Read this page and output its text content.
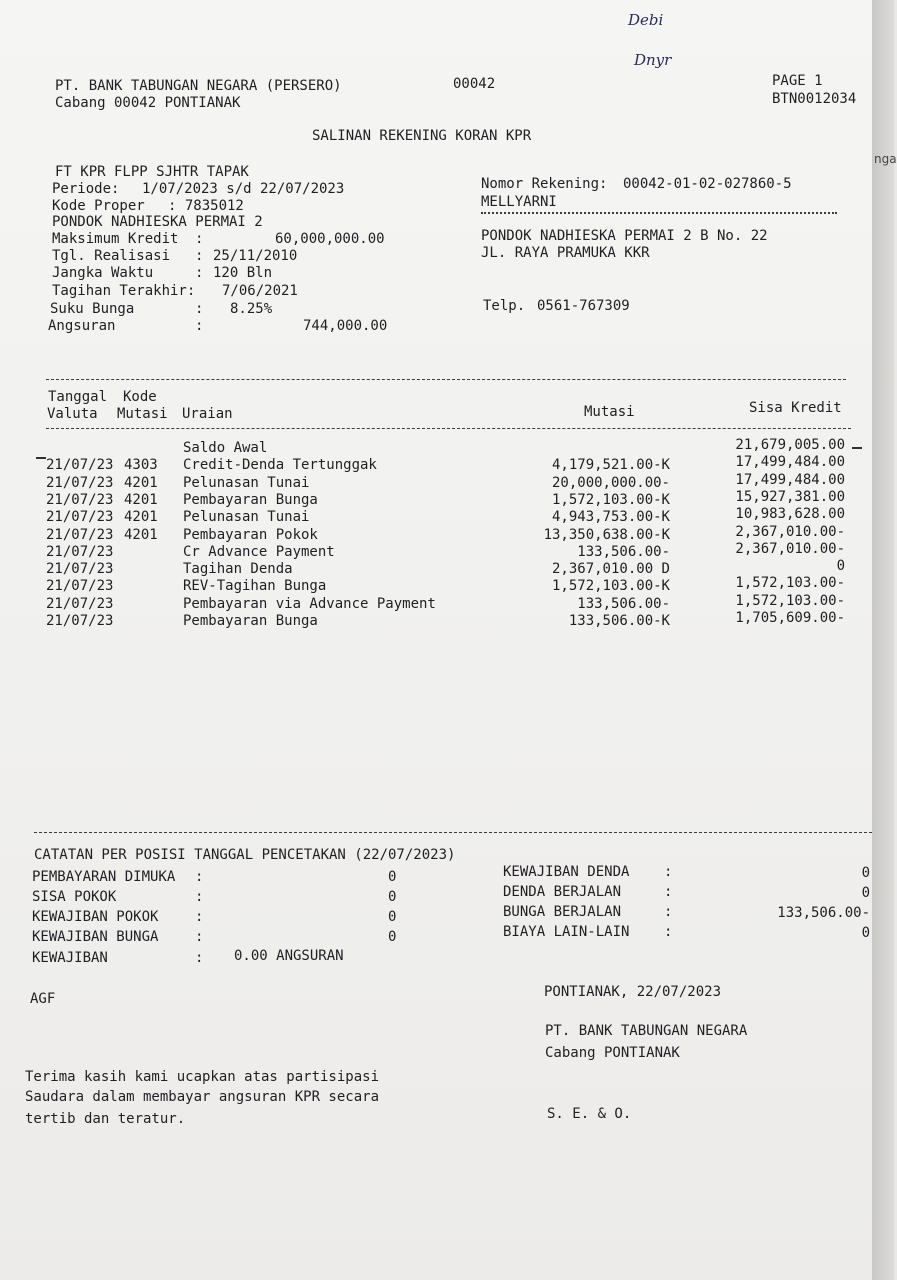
Debi
Dnyr
PT. BANK TABUNGAN NEGARA (PERSERO)
Cabang 00042 PONTIANAK
00042	PAGE 1
BTN0012034
SALINAN REKENING KORAN KPR
FT KPR FLPP SJHTR TAPAK
Periode: 1/07/2023 s/d 22/07/2023
Kode Proper : 7835012
PONDOK NADHIESKA PERMAI 2
Maksimum Kredit :	60,000,000.00
Tgl. Realisasi : 25/11/2010
Jangka Waktu	: 120 Bln
Tagihan Terakhir: 7/06/2021
Suku Bunga	: 8.25%
Angsuran	:	744,000.00
Nomor Rekening: 00042-01-02-027860-5
MELLYARNI
PONDOK NADHIESKA PERMAI 2 B No. 22
JL. RAYA PRAMUKA KKR
Telp. 0561-767309
Tanggal Kode
Valuta Mutasi Uraian	Mutasi	Sisa Kredit
Saldo Awal	21,679,005.00
21/07/23 4303 Credit-Denda Tertunggak	4,179,521.00-K	17,499,484.00
21/07/23 4201 Pelunasan Tunai	20,000,000.00-	17,499,484.00
21/07/23 4201 Pembayaran Bunga	1,572,103.00-K	15,927,381.00
21/07/23 4201 Pelunasan Tunai	4,943,753.00-K	10,983,628.00
21/07/23 4201 Pembayaran Pokok	13,350,638.00-K	2,367,010.00-
21/07/23	Cr Advance Payment	133,506.00-	2,367,010.00-
21/07/23	Tagihan Denda	2,367,010.00 D	0
21/07/23	REV-Tagihan Bunga	1,572,103.00-K	1,572,103.00-
21/07/23	Pembayaran via Advance Payment	133,506.00-	1,572,103.00-
21/07/23	Pembayaran Bunga	133,506.00-K	1,705,609.00-
CATATAN PER POSISI TANGGAL PENCETAKAN (22/07/2023)
PEMBAYARAN DIMUKA :	0
SISA POKOK	:	0
KEWAJIBAN POKOK	:	0
KEWAJIBAN BUNGA	:	0
KEWAJIBAN DENDA :	0
DENDA BERJALAN	:	0
BUNGA BERJALAN	:	133,506.00-
BIAYA LAIN-LAIN :	0
KEWAJIBAN	: 0.00 ANGSURAN
AGF	PONTIANAK, 22/07/2023
PT. BANK TABUNGAN NEGARA
Cabang PONTIANAK
S. E. & O.
Terima kasih kami ucapkan atas partisipasi
Saudara dalam membayar angsuran KPR secara
tertib dan teratur.
nga
